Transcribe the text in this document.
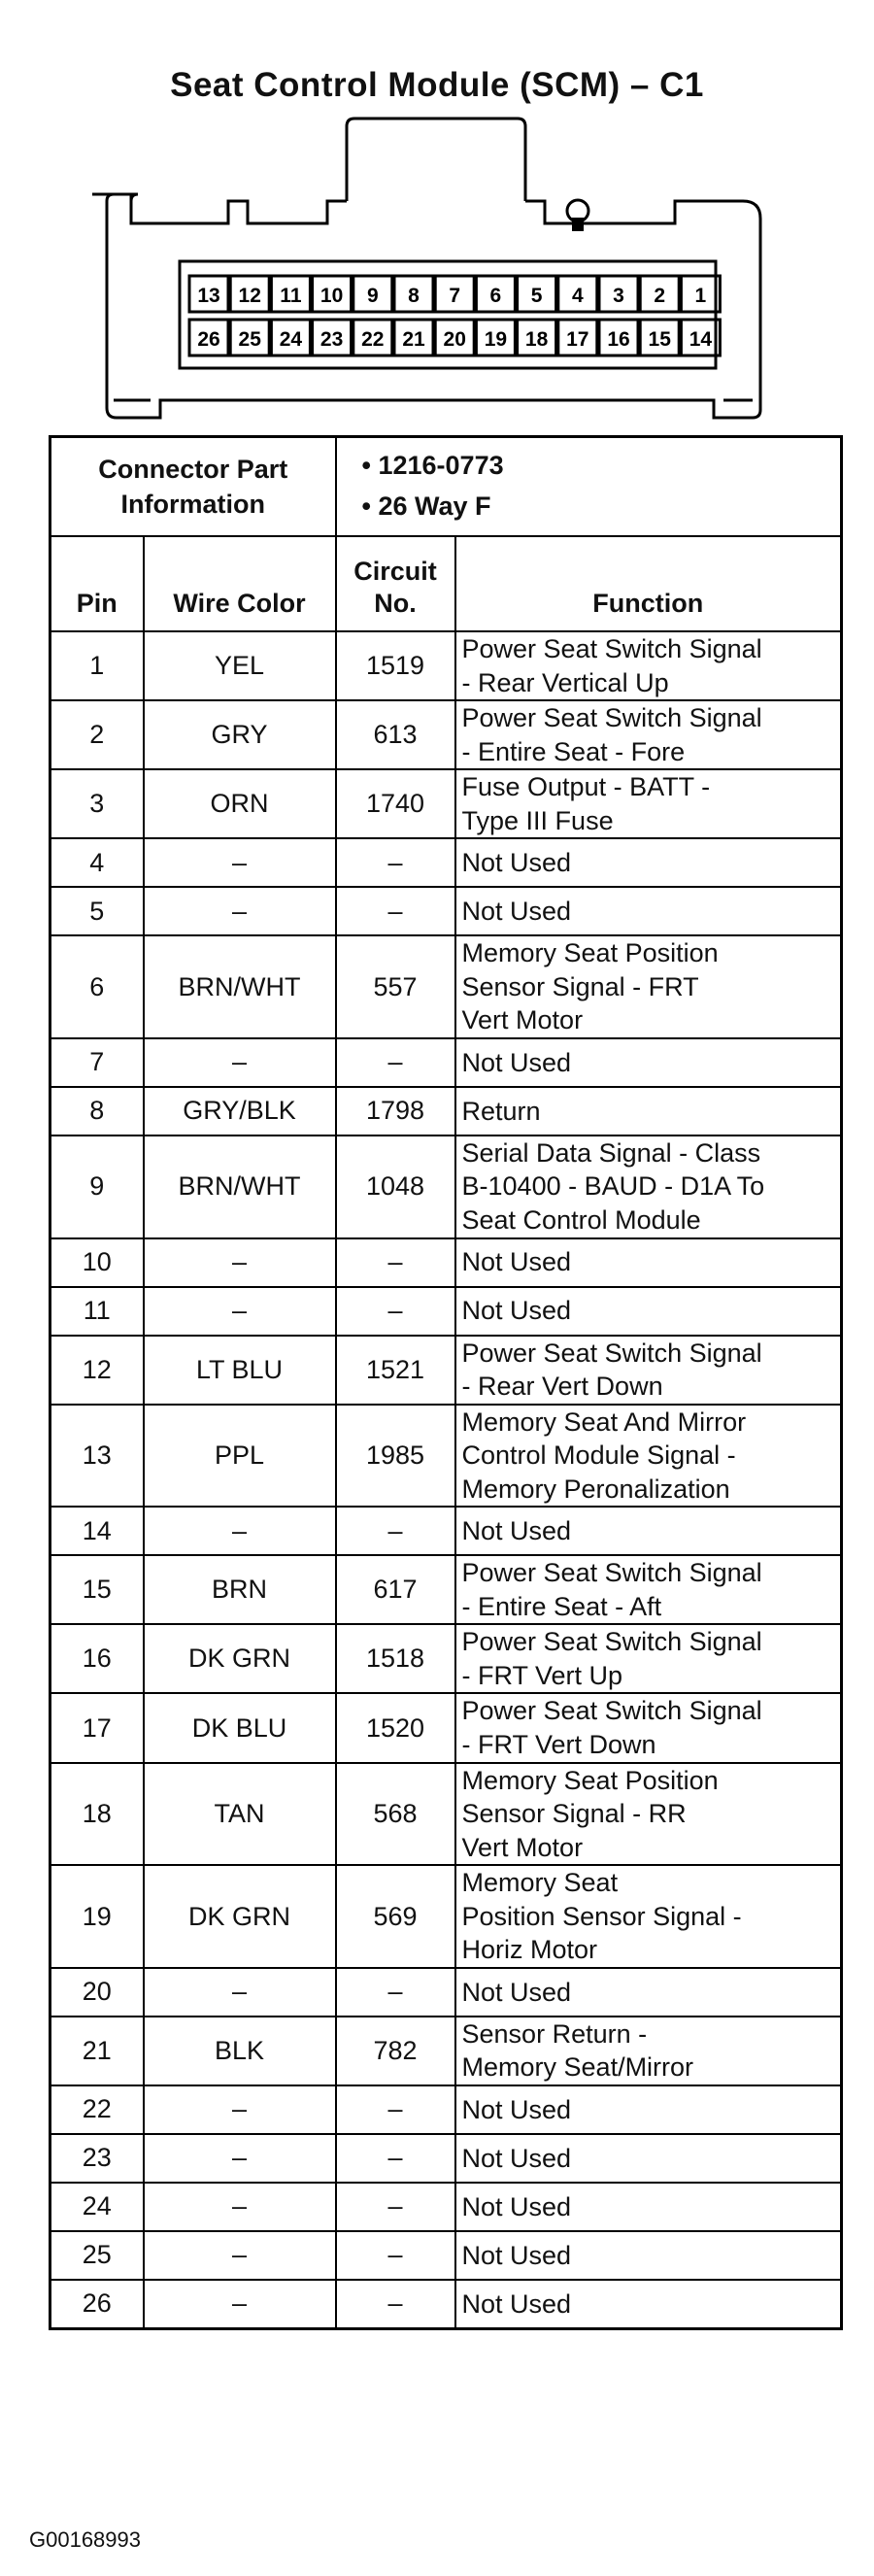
Seat Control Module (SCM) – C1
13 12 11 10 9 8 7 6 5 4 3 2 1
26 25 24 23 22 21 20 19 18 17 16 15 14
Connector Part Information		• 1216-0773
• 26 Way F	

Pin	Wire Color	Circuit No.	Function
1	YEL	1519	Power Seat Switch Signal
- Rear Vertical Up
2	GRY	613	Power Seat Switch Signal
- Entire Seat - Fore
3	ORN	1740	Fuse Output - BATT -
Type III Fuse
4	–	–	Not Used
5	–	–	Not Used
6	BRN/WHT	557	Memory Seat Position
Sensor Signal - FRT
Vert Motor
7	–	–	Not Used
8	GRY/BLK	1798	Return
9	BRN/WHT	1048	Serial Data Signal - Class
B-10400 - BAUD - D1A To
Seat Control Module
10	–	–	Not Used
11	–	–	Not Used
12	LT BLU	1521	Power Seat Switch Signal
- Rear Vert Down
13	PPL	1985	Memory Seat And Mirror
Control Module Signal -
Memory Peronalization
14	–	–	Not Used
15	BRN	617	Power Seat Switch Signal
- Entire Seat - Aft
16	DK GRN	1518	Power Seat Switch Signal
- FRT Vert Up
17	DK BLU	1520	Power Seat Switch Signal
- FRT Vert Down
18	TAN	568	Memory Seat Position
Sensor Signal - RR
Vert Motor
19	DK GRN	569	Memory Seat
Position Sensor Signal -
Horiz Motor
20	–	–	Not Used
21	BLK	782	Sensor Return -
Memory Seat/Mirror
22	–	–	Not Used
23	–	–	Not Used
24	–	–	Not Used
25	–	–	Not Used
26	–	–	Not Used
G00168993
